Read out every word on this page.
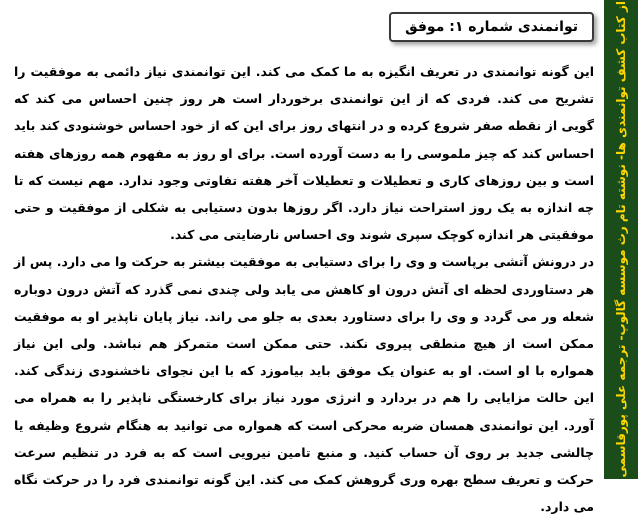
از کتاب کشف توانمندی ها- نوشته تام رث موسسه گالوپ- ترجمه علی پورقاسمی
توانمندی شماره ۱: موفق

این گونه توانمندی در تعریف انگیزه به ما کمک می کند. این توانمندی نیاز دائمی به موفقیت را تشریح می کند. فردی که از این توانمندی برخوردار است هر روز چنین احساس می کند که گویی از نقطه صفر شروع کرده و در انتهای روز برای این که از خود احساس خوشنودی کند باید احساس کند که چیز ملموسی را به دست آورده است. برای او روز به مفهوم همه روزهای هفته است و بین روزهای کاری و تعطیلات و تعطیلات آخر هفته تفاوتی وجود ندارد. مهم نیست که تا چه اندازه به یک روز استراحت نیاز دارد. اگر روزها بدون دستیابی به شکلی از موفقیت و حتی موفقیتی هر اندازه کوچک سپری شوند وی احساس نارضایتی می کند.

در درونش آتشی برپاست و وی را برای دستیابی به موفقیت بیشتر به حرکت وا می دارد. پس از هر دستاوردی لحظه ای آتش درون او کاهش می یابد ولی چندی نمی گذرد که آتش درون دوباره شعله ور می گردد و وی را برای دستاورد بعدی به جلو می راند. نیاز پایان ناپذیر او به موفقیت ممکن است از هیچ منطقی پیروی نکند. حتی ممکن است متمرکز هم نباشد. ولی این نیاز همواره با او است. او به عنوان یک موفق باید بیاموزد که با این نجوای ناخشنودی زندگی کند. این حالت مزایایی را هم در بردارد و انرژی مورد نیاز برای کارخستگی ناپذیر را به همراه می آورد. این توانمندی همسان ضربه محرکی است که همواره می توانید به هنگام شروع وظیفه یا چالشی جدید بر روی آن حساب کنید. و منبع تامین نیرویی است که به فرد در تنظیم سرعت حرکت و تعریف سطح بهره وری گروهش کمک می کند. این گونه توانمندی فرد را در حرکت نگاه می دارد.
